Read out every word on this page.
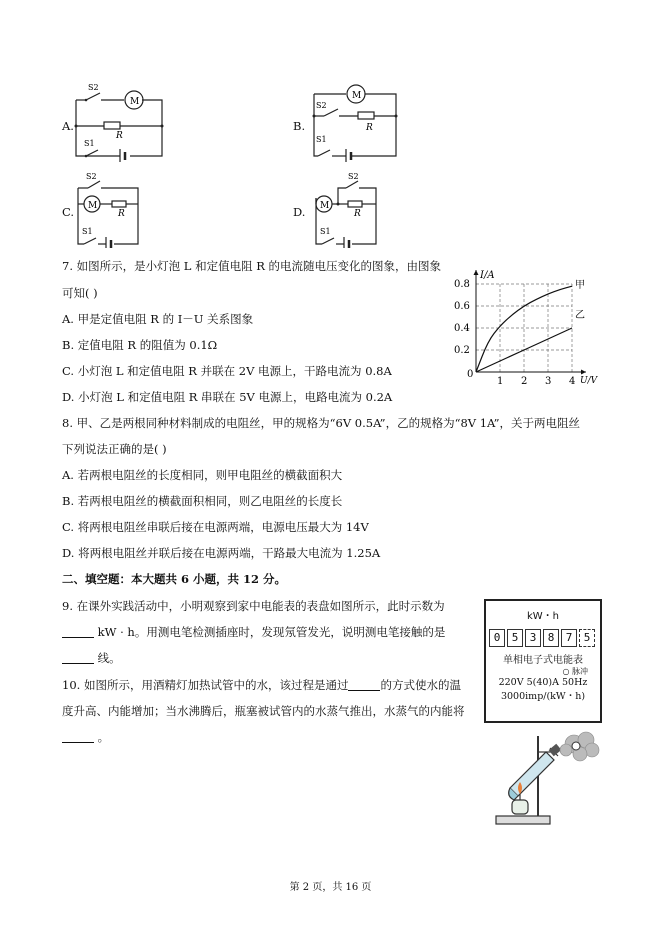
A.
S2
M
R
S1
B.
S2
M
R
S1
C.
S2
M
R
S1
D.
S2
M
R
S1
7. 如图所示，是小灯泡 L 和定值电阻 R 的电流随电压变化的图象，由图象
可知( )
A. 甲是定值电阻 R 的 I－U 关系图象
B. 定值电阻 R 的阻值为 0.1Ω
C. 小灯泡 L 和定值电阻 R 并联在 2V 电源上，干路电流为 0.8A
D. 小灯泡 L 和定值电阻 R 串联在 5V 电源上，电路电流为 0.2A
I/A
U/V
0
1 2 3 4
0.2
0.4
0.6
0.8	甲
乙
8. 甲、乙是两根同种材料制成的电阻丝，甲的规格为“6V 0.5A”，乙的规格为“8V 1A”，关于两电阻丝
下列说法正确的是( )
A. 若两根电阻丝的长度相同，则甲电阻丝的横截面积大
B. 若两根电阻丝的横截面积相同，则乙电阻丝的长度长
C. 将两根电阻丝串联后接在电源两端，电源电压最大为 14V
D. 将两根电阻丝并联后接在电源两端，干路最大电流为 1.25A
二、填空题：本大题共 6 小题，共 12 分。
9. 在课外实践活动中，小明观察到家中电能表的表盘如图所示，此时示数为
kW · h。用测电笔检测插座时，发现氖管发光，说明测电笔接触的是
线。
kW・h
0 5 3 8 7 5
单相电子式电能表
○ 脉冲
220V 5(40)A 50Hz
3000imp/(kW・h)
10. 如图所示，用酒精灯加热试管中的水，该过程是通过	的方式使水的温
度升高、内能增加；当水沸腾后，瓶塞被试管内的水蒸气推出，水蒸气的内能将
。
第 2 页，共 16 页
